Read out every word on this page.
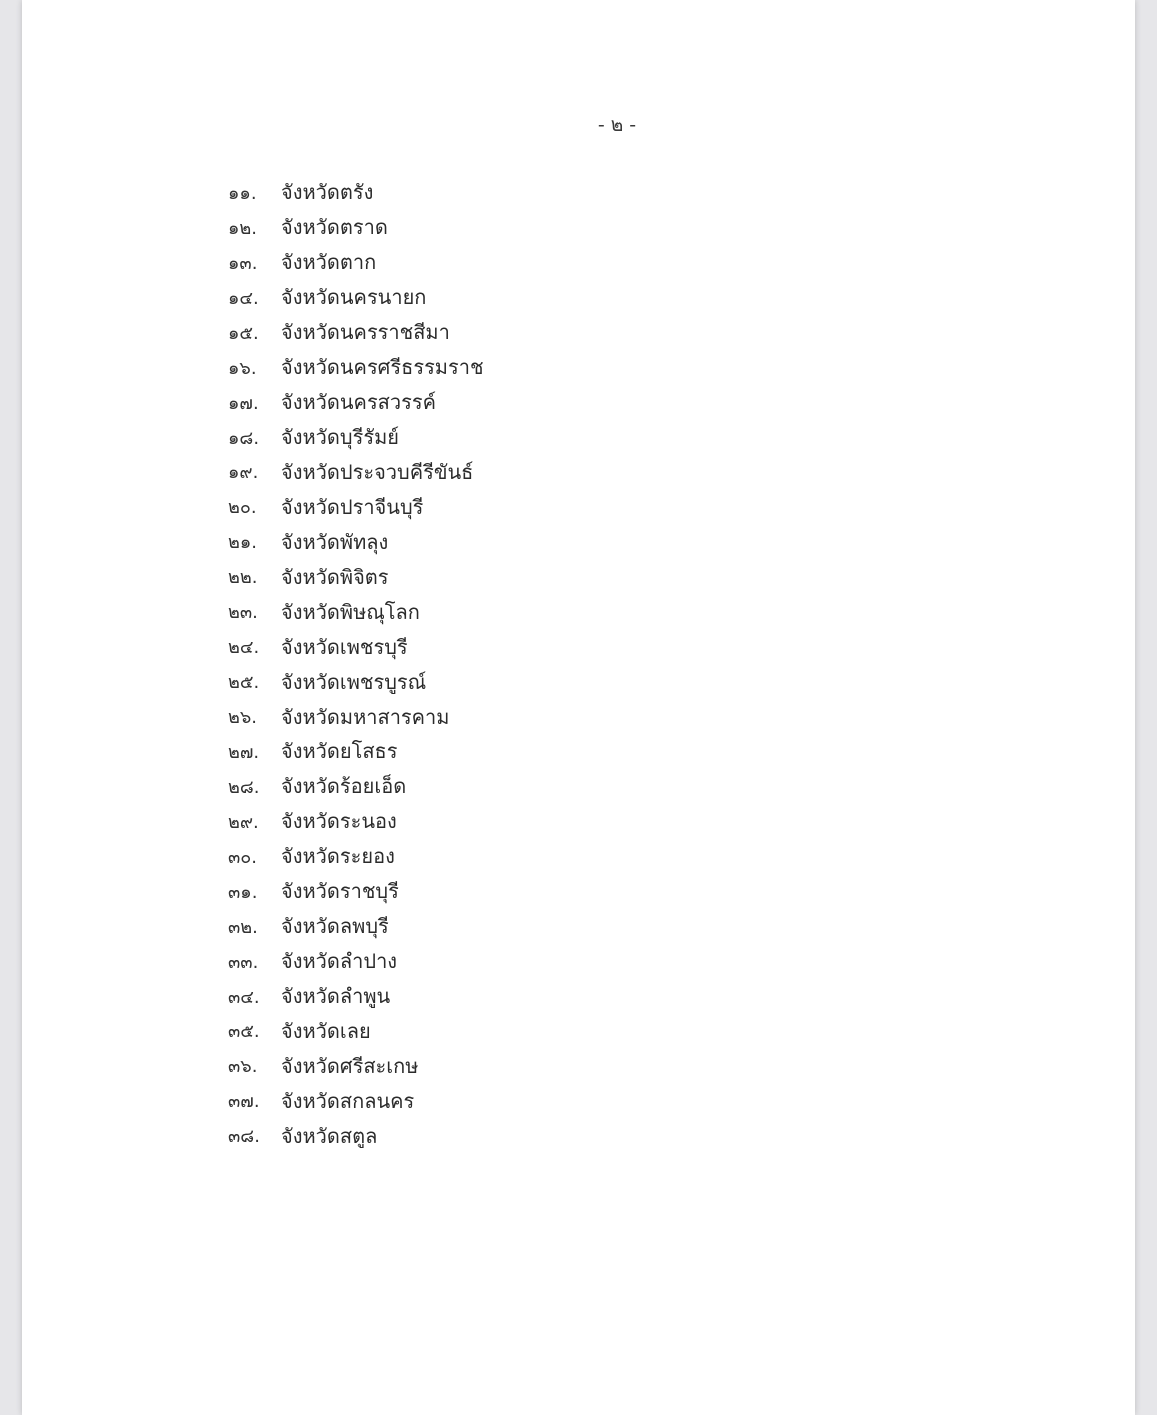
- ๒ -
๑๑.	จังหวัดตรัง
๑๒.	จังหวัดตราด
๑๓.	จังหวัดตาก
๑๔.	จังหวัดนครนายก
๑๕.	จังหวัดนครราชสีมา
๑๖.	จังหวัดนครศรีธรรมราช
๑๗.	จังหวัดนครสวรรค์
๑๘.	จังหวัดบุรีรัมย์
๑๙.	จังหวัดประจวบคีรีขันธ์
๒๐.	จังหวัดปราจีนบุรี
๒๑.	จังหวัดพัทลุง
๒๒.	จังหวัดพิจิตร
๒๓.	จังหวัดพิษณุโลก
๒๔.	จังหวัดเพชรบุรี
๒๕.	จังหวัดเพชรบูรณ์
๒๖.	จังหวัดมหาสารคาม
๒๗.	จังหวัดยโสธร
๒๘.	จังหวัดร้อยเอ็ด
๒๙.	จังหวัดระนอง
๓๐.	จังหวัดระยอง
๓๑.	จังหวัดราชบุรี
๓๒.	จังหวัดลพบุรี
๓๓.	จังหวัดลำปาง
๓๔.	จังหวัดลำพูน
๓๕.	จังหวัดเลย
๓๖.	จังหวัดศรีสะเกษ
๓๗.	จังหวัดสกลนคร
๓๘.	จังหวัดสตูล
